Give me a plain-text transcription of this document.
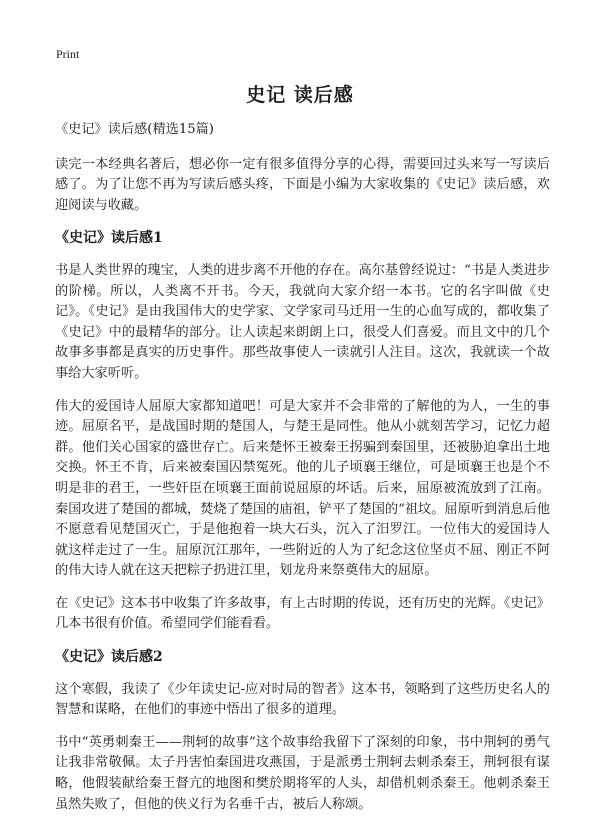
Print
史记 读后感
《史记》读后感(精选15篇)
读完一本经典名著后，想必你一定有很多值得分享的心得，需要回过头来写一写读后感了。为了让您不再为写读后感头疼，下面是小编为大家收集的《史记》读后感，欢迎阅读与收藏。
《史记》读后感1
书是人类世界的瑰宝，人类的进步离不开他的存在。高尔基曾经说过：“书是人类进步的阶梯。所以，人类离不开书。今天，我就向大家介绍一本书。它的名字叫做《史记》。《史记》是由我国伟大的史学家、文学家司马迁用一生的心血写成的，都收集了《史记》中的最精华的部分。让人读起来朗朗上口，很受人们喜爱。而且文中的几个故事多事都是真实的历史事件。那些故事使人一读就引人注目。这次，我就读一个故事给大家听听。
伟大的爱国诗人屈原大家都知道吧！可是大家并不会非常的了解他的为人，一生的事迹。屈原名平，是战国时期的楚国人，与楚王是同性。他从小就刻苦学习，记忆力超群。他们关心国家的盛世存亡。后来楚怀王被秦王拐骗到秦国里，还被胁迫拿出土地交换。怀王不肯，后来被秦国囚禁冤死。他的儿子顷襄王继位，可是顷襄王也是个不明是非的君王，一些奸臣在顷襄王面前说屈原的坏话。后来，屈原被流放到了江南。秦国攻进了楚国的都城，焚烧了楚国的庙祖，铲平了楚国的“祖坟。屈原听到消息后他不愿意看见楚国灭亡，于是他抱着一块大石头，沉入了汨罗江。一位伟大的爱国诗人就这样走过了一生。屈原沉江那年，一些附近的人为了纪念这位坚贞不屈、刚正不阿的伟大诗人就在这天把粽子扔进江里，划龙舟来祭奠伟大的屈原。
在《史记》这本书中收集了许多故事，有上古时期的传说，还有历史的光辉。《史记》几本书很有价值。希望同学们能看看。
《史记》读后感2
这个寒假，我读了《少年读史记-应对时局的智者》这本书，领略到了这些历史名人的智慧和谋略，在他们的事迹中悟出了很多的道理。
书中“英勇刺秦王——荆轲的故事”这个故事给我留下了深刻的印象，书中荆轲的勇气让我非常敬佩。太子丹害怕秦国进攻燕国，于是派勇士荆轲去刺杀秦王，荆轲很有谋略，他假装献给秦王督亢的地图和樊於期将军的人头，却借机刺杀秦王。他刺杀秦王虽然失败了，但他的侠义行为名垂千古，被后人称颂。
